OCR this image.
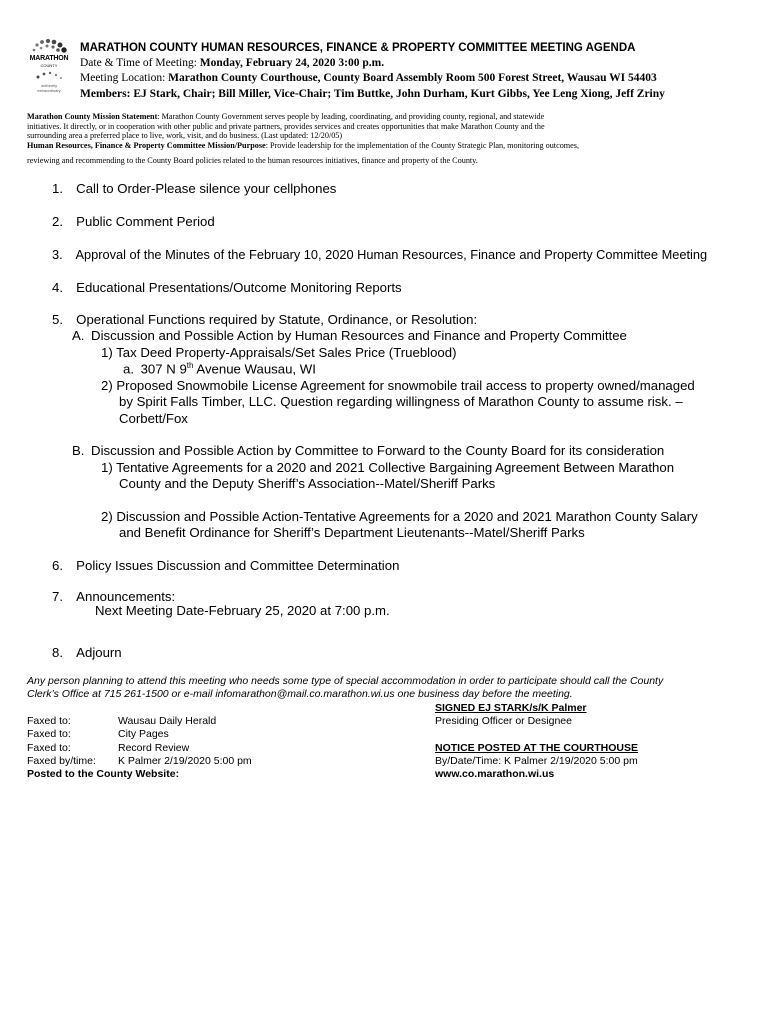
MARATHON
COUNTY
uniformly
extraordinary
MARATHON COUNTY HUMAN RESOURCES, FINANCE & PROPERTY COMMITTEE MEETING AGENDA
Date & Time of Meeting: Monday, February 24, 2020 3:00 p.m.
Meeting Location: Marathon County Courthouse, County Board Assembly Room 500 Forest Street, Wausau WI 54403
Members: EJ Stark, Chair; Bill Miller, Vice-Chair; Tim Buttke, John Durham, Kurt Gibbs, Yee Leng Xiong, Jeff Zriny
Marathon County Mission Statement: Marathon County Government serves people by leading, coordinating, and providing county, regional, and statewide
initiatives. It directly, or in cooperation with other public and private partners, provides services and creates opportunities that make Marathon County and the
surrounding area a preferred place to live, work, visit, and do business. (Last updated: 12/20/05)
Human Resources, Finance & Property Committee Mission/Purpose: Provide leadership for the implementation of the County Strategic Plan, monitoring outcomes,
reviewing and recommending to the County Board policies related to the human resources initiatives, finance and property of the County.
1. Call to Order-Please silence your cellphones
2. Public Comment Period
3. Approval of the Minutes of the February 10, 2020 Human Resources, Finance and Property Committee Meeting
4. Educational Presentations/Outcome Monitoring Reports
5. Operational Functions required by Statute, Ordinance, or Resolution:
A. Discussion and Possible Action by Human Resources and Finance and Property Committee
1) Tax Deed Property-Appraisals/Set Sales Price (Trueblood)
a. 307 N 9th Avenue Wausau, WI
2) Proposed Snowmobile License Agreement for snowmobile trail access to property owned/managed
by Spirit Falls Timber, LLC. Question regarding willingness of Marathon County to assume risk. –
Corbett/Fox
B. Discussion and Possible Action by Committee to Forward to the County Board for its consideration
1) Tentative Agreements for a 2020 and 2021 Collective Bargaining Agreement Between Marathon
County and the Deputy Sheriff’s Association--Matel/Sheriff Parks
2) Discussion and Possible Action-Tentative Agreements for a 2020 and 2021 Marathon County Salary
and Benefit Ordinance for Sheriff’s Department Lieutenants--Matel/Sheriff Parks
6. Policy Issues Discussion and Committee Determination
7. Announcements:
Next Meeting Date-February 25, 2020 at 7:00 p.m.
8. Adjourn
Any person planning to attend this meeting who needs some type of special accommodation in order to participate should call the County
Clerk’s Office at 715 261-1500 or e-mail infomarathon@mail.co.marathon.wi.us one business day before the meeting.
Faxed to:	Wausau Daily Herald
Faxed to:	City Pages
Faxed to:	Record Review
Faxed by/time: K Palmer 2/19/2020 5:00 pm
Posted to the County Website:
SIGNED EJ STARK/s/K Palmer
Presiding Officer or Designee
NOTICE POSTED AT THE COURTHOUSE
By/Date/Time: K Palmer 2/19/2020 5:00 pm
www.co.marathon.wi.us
